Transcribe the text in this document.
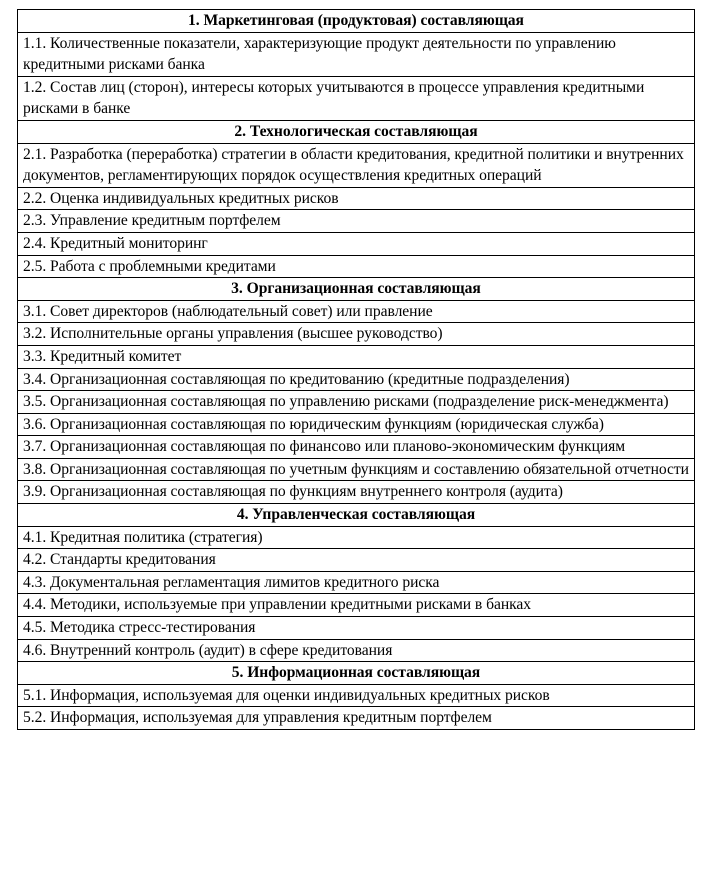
1. Маркетинговая (продуктовая) составляющая
1.1. Количественные показатели, характеризующие продукт деятельности по управлению кредитными рисками банка
1.2. Состав лиц (сторон), интересы которых учитываются в процессе управления кредитными рисками в банке
2. Технологическая составляющая
2.1. Разработка (переработка) стратегии в области кредитования, кредитной политики и внутренних документов, регламентирующих порядок осуществления кредитных операций
2.2. Оценка индивидуальных кредитных рисков
2.3. Управление кредитным портфелем
2.4. Кредитный мониторинг
2.5. Работа с проблемными кредитами
3. Организационная составляющая
3.1. Совет директоров (наблюдательный совет) или правление
3.2. Исполнительные органы управления (высшее руководство)
3.3. Кредитный комитет
3.4. Организационная составляющая по кредитованию (кредитные подразделения)
3.5. Организационная составляющая по управлению рисками (подразделение риск-менеджмента)
3.6. Организационная составляющая по юридическим функциям (юридическая служба)
3.7. Организационная составляющая по финансово или планово-экономическим функциям
3.8. Организационная составляющая по учетным функциям и составлению обязательной отчетности
3.9. Организационная составляющая по функциям внутреннего контроля (аудита)
4. Управленческая составляющая
4.1. Кредитная политика (стратегия)
4.2. Стандарты кредитования
4.3. Документальная регламентация лимитов кредитного риска
4.4. Методики, используемые при управлении кредитными рисками в банках
4.5. Методика стресс-тестирования
4.6. Внутренний контроль (аудит) в сфере кредитования
5. Информационная составляющая
5.1. Информация, используемая для оценки индивидуальных кредитных рисков
5.2. Информация, используемая для управления кредитным портфелем
